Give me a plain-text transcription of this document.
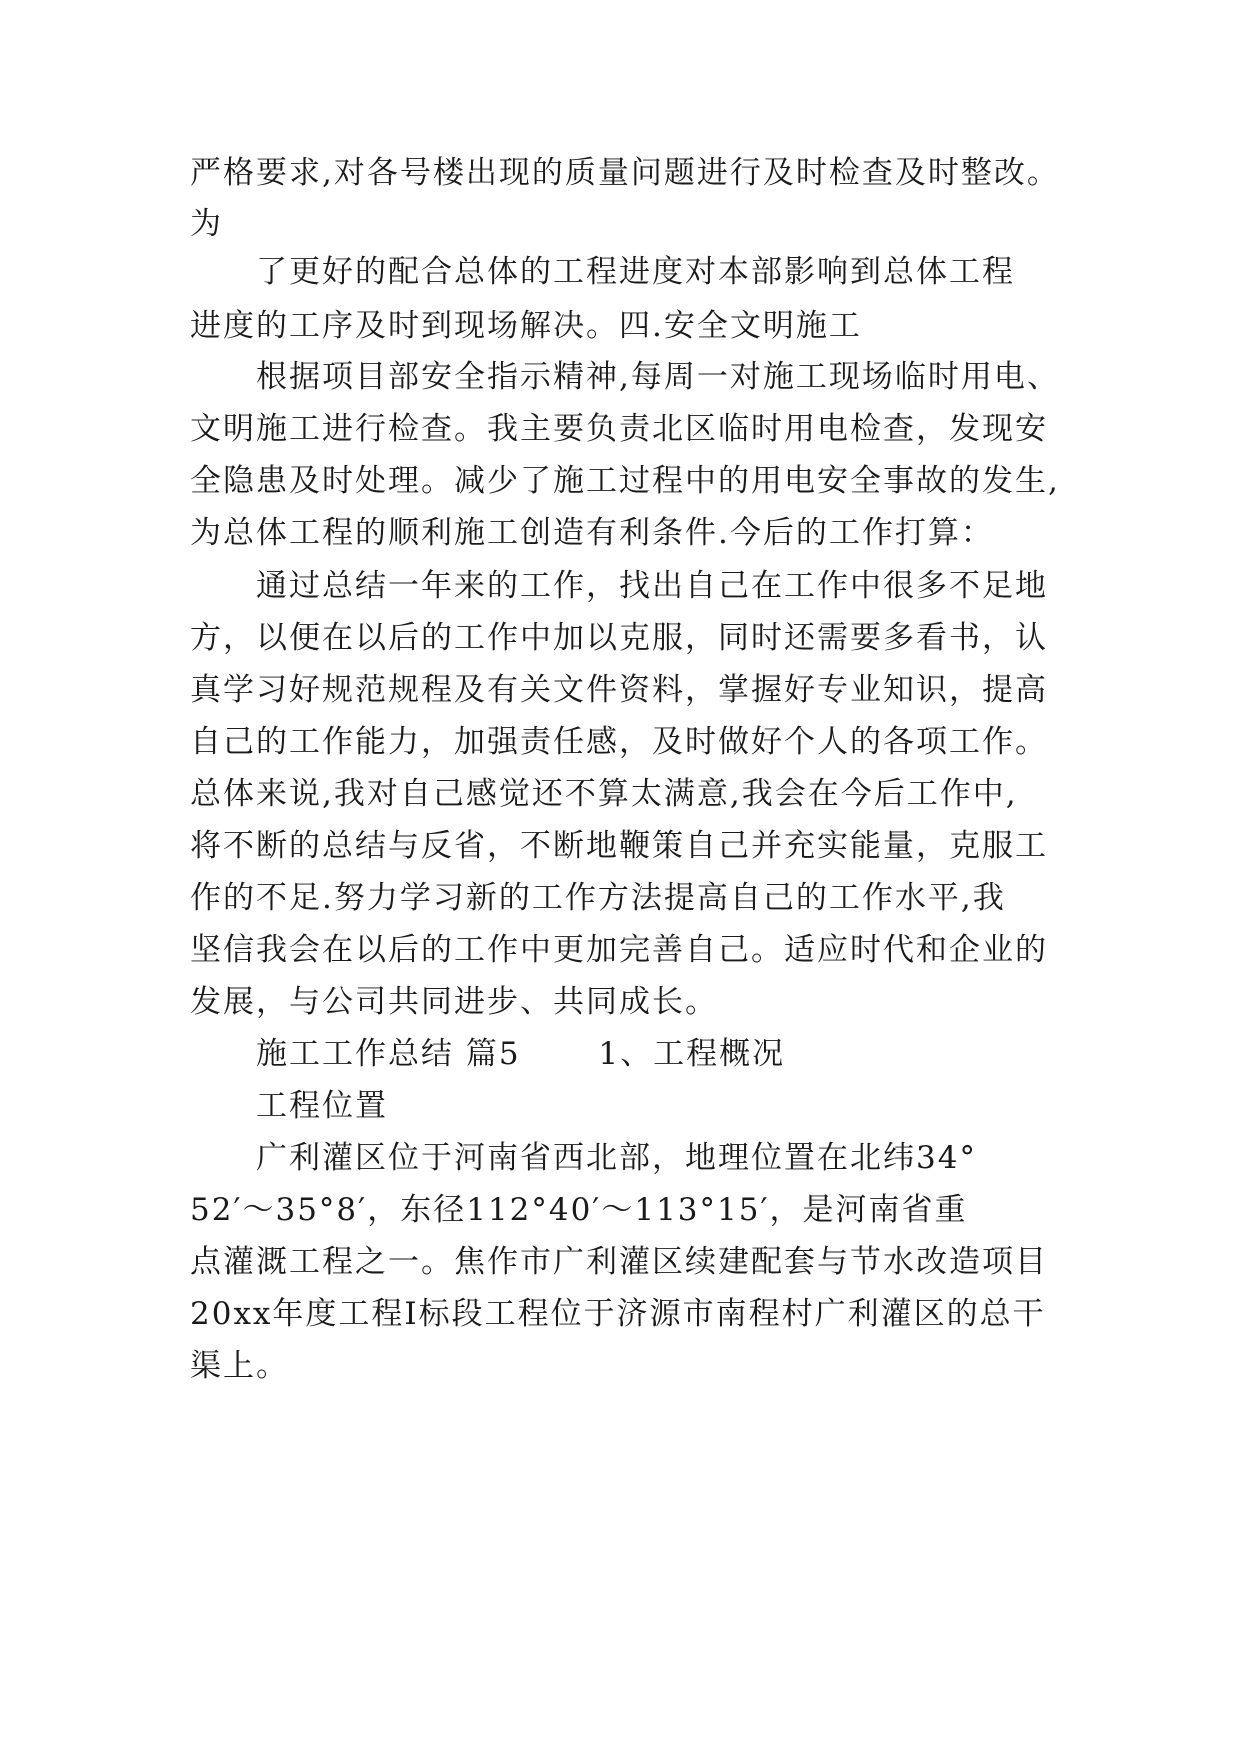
严格要求,对各号楼出现的质量问题进行及时检查及时整改。
为
　　了更好的配合总体的工程进度对本部影响到总体工程
进度的工序及时到现场解决。四.安全文明施工
　　根据项目部安全指示精神,每周一对施工现场临时用电、
文明施工进行检查。我主要负责北区临时用电检查，发现安
全隐患及时处理。减少了施工过程中的用电安全事故的发生,
为总体工程的顺利施工创造有利条件.今后的工作打算：
　　通过总结一年来的工作，找出自己在工作中很多不足地
方，以便在以后的工作中加以克服，同时还需要多看书，认
真学习好规范规程及有关文件资料，掌握好专业知识，提高
自己的工作能力，加强责任感，及时做好个人的各项工作。
总体来说,我对自己感觉还不算太满意,我会在今后工作中,
将不断的总结与反省，不断地鞭策自己并充实能量，克服工
作的不足.努力学习新的工作方法提高自己的工作水平,我
坚信我会在以后的工作中更加完善自己。适应时代和企业的
发展，与公司共同进步、共同成长。
　　施工工作总结 篇5　　 1、工程概况
　　工程位置
　　广利灌区位于河南省西北部，地理位置在北纬34°
52′～35°8′，东径112°40′～113°15′，是河南省重
点灌溉工程之一。焦作市广利灌区续建配套与节水改造项目
20xx年度工程Ⅰ标段工程位于济源市南程村广利灌区的总干
渠上。
